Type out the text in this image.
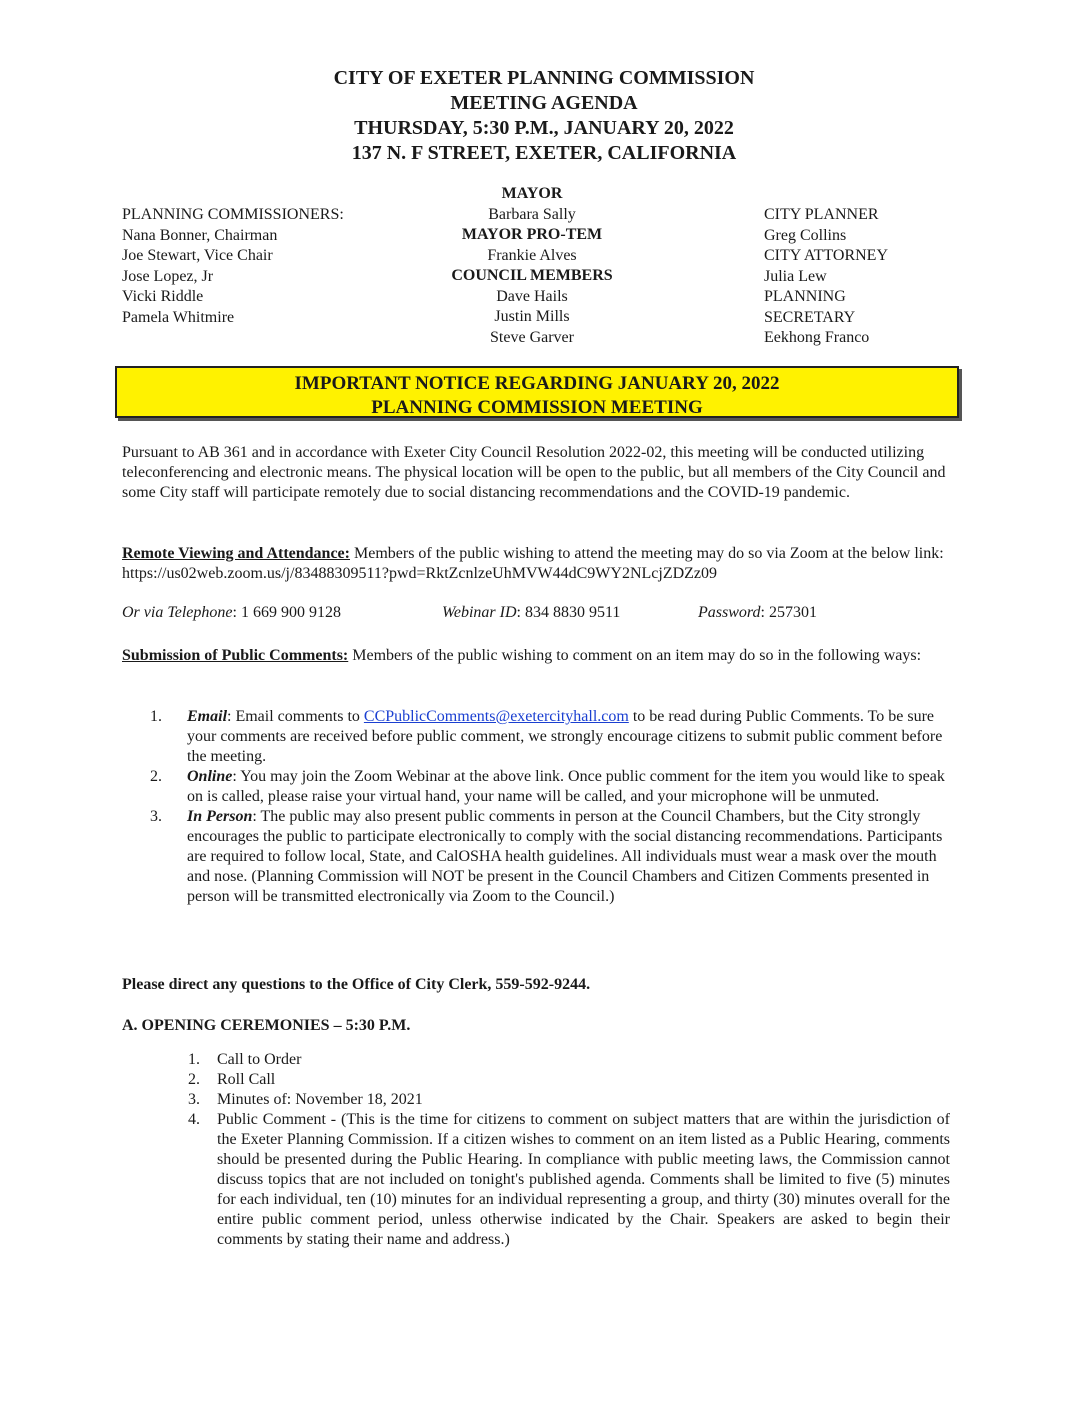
CITY OF EXETER PLANNING COMMISSION
MEETING AGENDA
THURSDAY, 5:30 P.M., JANUARY 20, 2022
137 N. F STREET, EXETER, CALIFORNIA
PLANNING COMMISSIONERS:
Nana Bonner, Chairman
Joe Stewart, Vice Chair
Jose Lopez, Jr
Vicki Riddle
Pamela Whitmire
MAYOR
Barbara Sally
MAYOR PRO-TEM
Frankie Alves
COUNCIL MEMBERS
Dave Hails
Justin Mills
Steve Garver
CITY PLANNER
Greg Collins
CITY ATTORNEY
Julia Lew
PLANNING
SECRETARY
Eekhong Franco
IMPORTANT NOTICE REGARDING JANUARY 20, 2022
PLANNING COMMISSION MEETING
Pursuant to AB 361 and in accordance with Exeter City Council Resolution 2022-02, this meeting will be conducted utilizing teleconferencing and electronic means. The physical location will be open to the public, but all members of the City Council and some City staff will participate remotely due to social distancing recommendations and the COVID-19 pandemic.
Remote Viewing and Attendance: Members of the public wishing to attend the meeting may do so via Zoom at the below link: https://us02web.zoom.us/j/83488309511?pwd=RktZcnlzeUhMVW44dC9WY2NLcjZDZz09
Or via Telephone: 1 669 900 9128	Webinar ID: 834 8830 9511	Password: 257301
Submission of Public Comments: Members of the public wishing to comment on an item may do so in the following ways:
1.	Email: Email comments to CCPublicComments@exetercityhall.com to be read during Public Comments. To be sure your comments are received before public comment, we strongly encourage citizens to submit public comment before the meeting.
2.	Online: You may join the Zoom Webinar at the above link. Once public comment for the item you would like to speak on is called, please raise your virtual hand, your name will be called, and your microphone will be unmuted.
3.	In Person: The public may also present public comments in person at the Council Chambers, but the City strongly encourages the public to participate electronically to comply with the social distancing recommendations. Participants are required to follow local, State, and CalOSHA health guidelines. All individuals must wear a mask over the mouth and nose. (Planning Commission will NOT be present in the Council Chambers and Citizen Comments presented in person will be transmitted electronically via Zoom to the Council.)
Please direct any questions to the Office of City Clerk, 559-592-9244.
A. OPENING CEREMONIES – 5:30 P.M.
1.	Call to Order
2.	Roll Call
3.	Minutes of: November 18, 2021
4.	Public Comment - (This is the time for citizens to comment on subject matters that are within the jurisdiction of the Exeter Planning Commission. If a citizen wishes to comment on an item listed as a Public Hearing, comments should be presented during the Public Hearing. In compliance with public meeting laws, the Commission cannot discuss topics that are not included on tonight's published agenda. Comments shall be limited to five (5) minutes for each individual, ten (10) minutes for an individual representing a group, and thirty (30) minutes overall for the entire public comment period, unless otherwise indicated by the Chair. Speakers are asked to begin their comments by stating their name and address.)
